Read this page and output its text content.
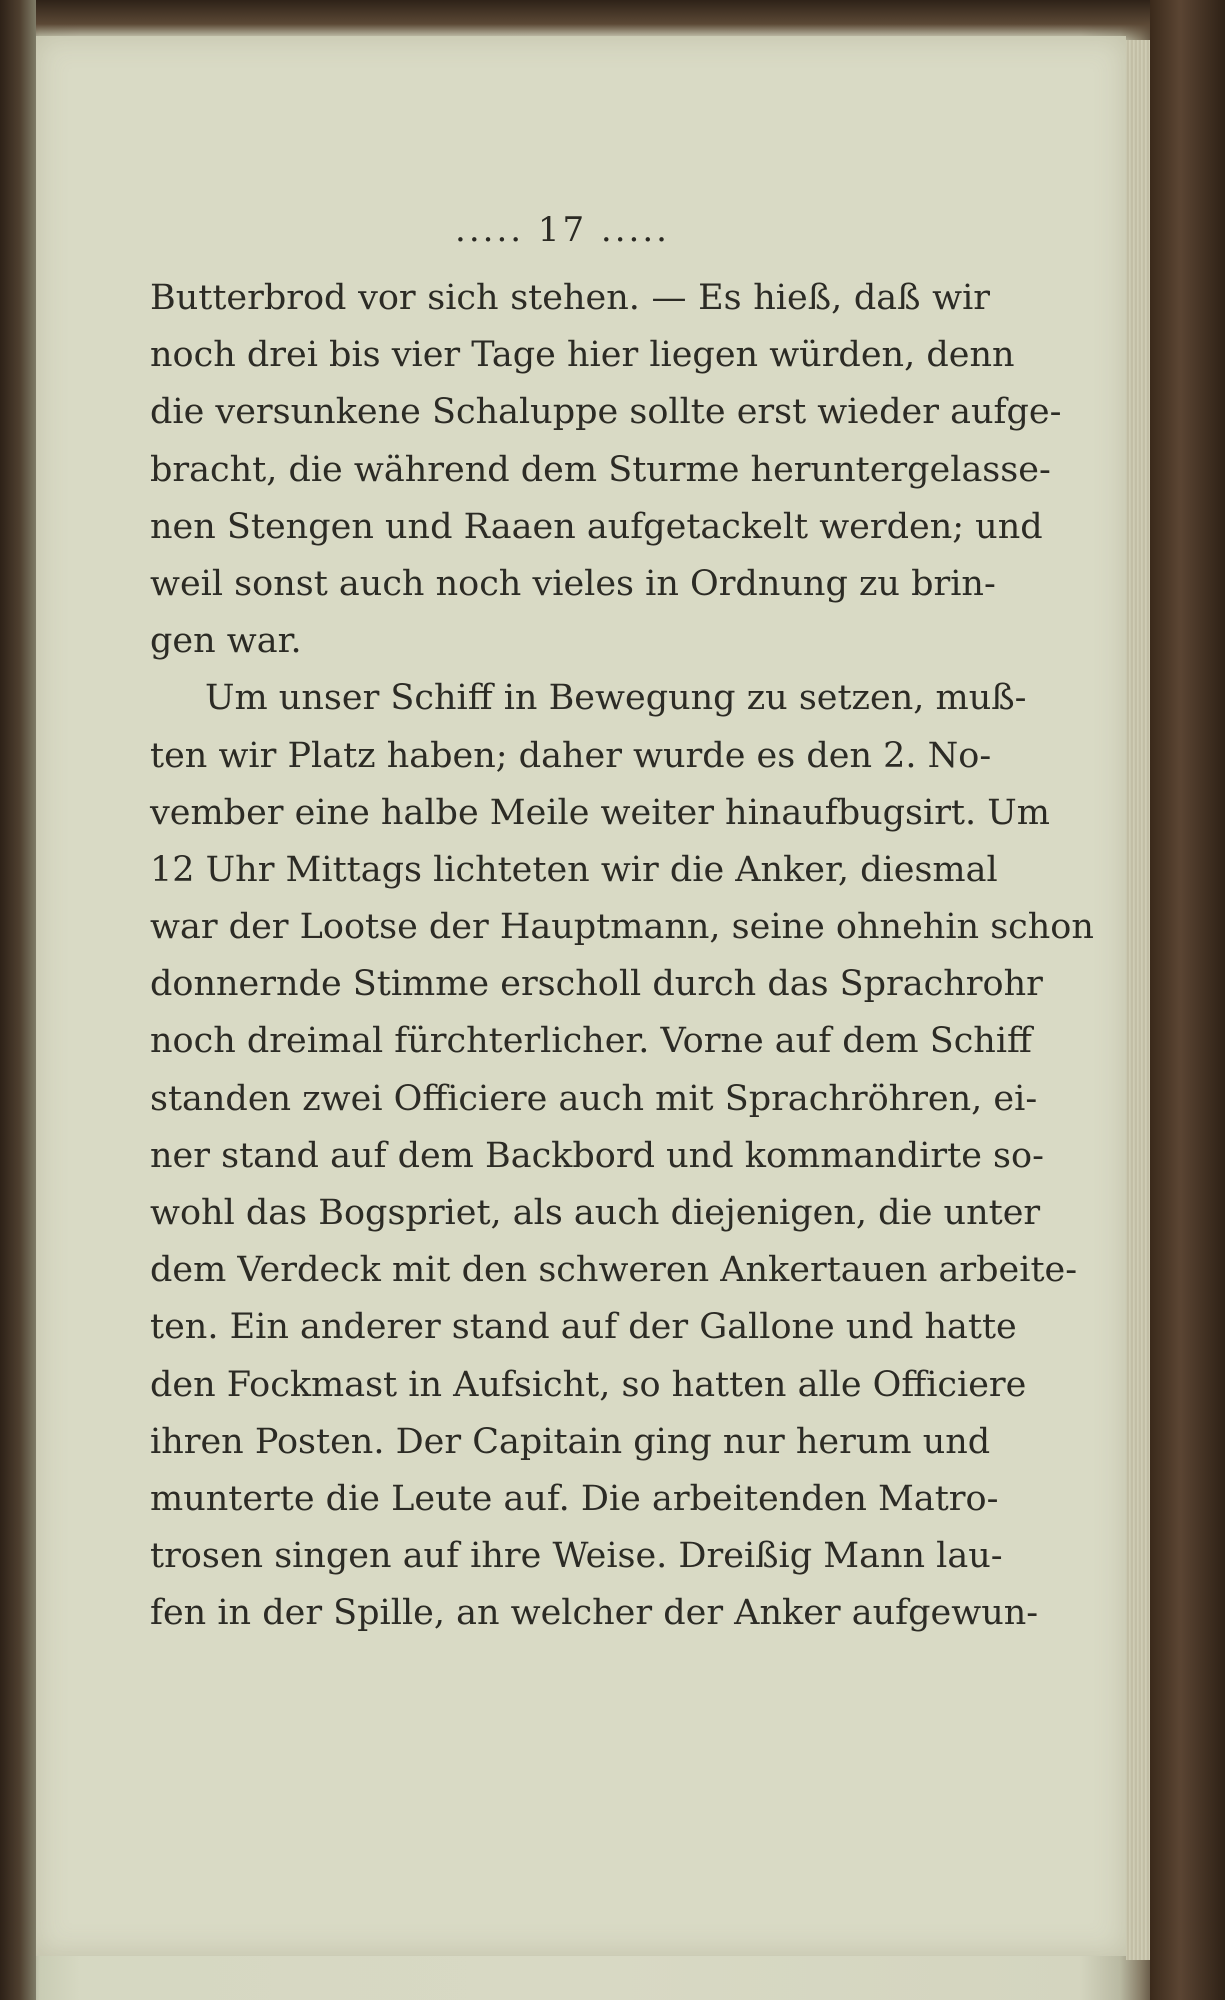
..... 17 .....
Butterbrod vor sich stehen. — Es hieß, daß wir
noch drei bis vier Tage hier liegen würden, denn
die versunkene Schaluppe sollte erst wieder aufge-
bracht, die während dem Sturme heruntergelasse-
nen Stengen und Raaen aufgetackelt werden; und
weil sonst auch noch vieles in Ordnung zu brin-
gen war.
Um unser Schiff in Bewegung zu setzen, muß-
ten wir Platz haben; daher wurde es den 2. No-
vember eine halbe Meile weiter hinaufbugsirt. Um
12 Uhr Mittags lichteten wir die Anker, diesmal
war der Lootse der Hauptmann, seine ohnehin schon
donnernde Stimme erscholl durch das Sprachrohr
noch dreimal fürchterlicher. Vorne auf dem Schiff
standen zwei Officiere auch mit Sprachröhren, ei-
ner stand auf dem Backbord und kommandirte so-
wohl das Bogspriet, als auch diejenigen, die unter
dem Verdeck mit den schweren Ankertauen arbeite-
ten. Ein anderer stand auf der Gallone und hatte
den Fockmast in Aufsicht, so hatten alle Officiere
ihren Posten. Der Capitain ging nur herum und
munterte die Leute auf. Die arbeitenden Matro-
trosen singen auf ihre Weise. Dreißig Mann lau-
fen in der Spille, an welcher der Anker aufgewun-
